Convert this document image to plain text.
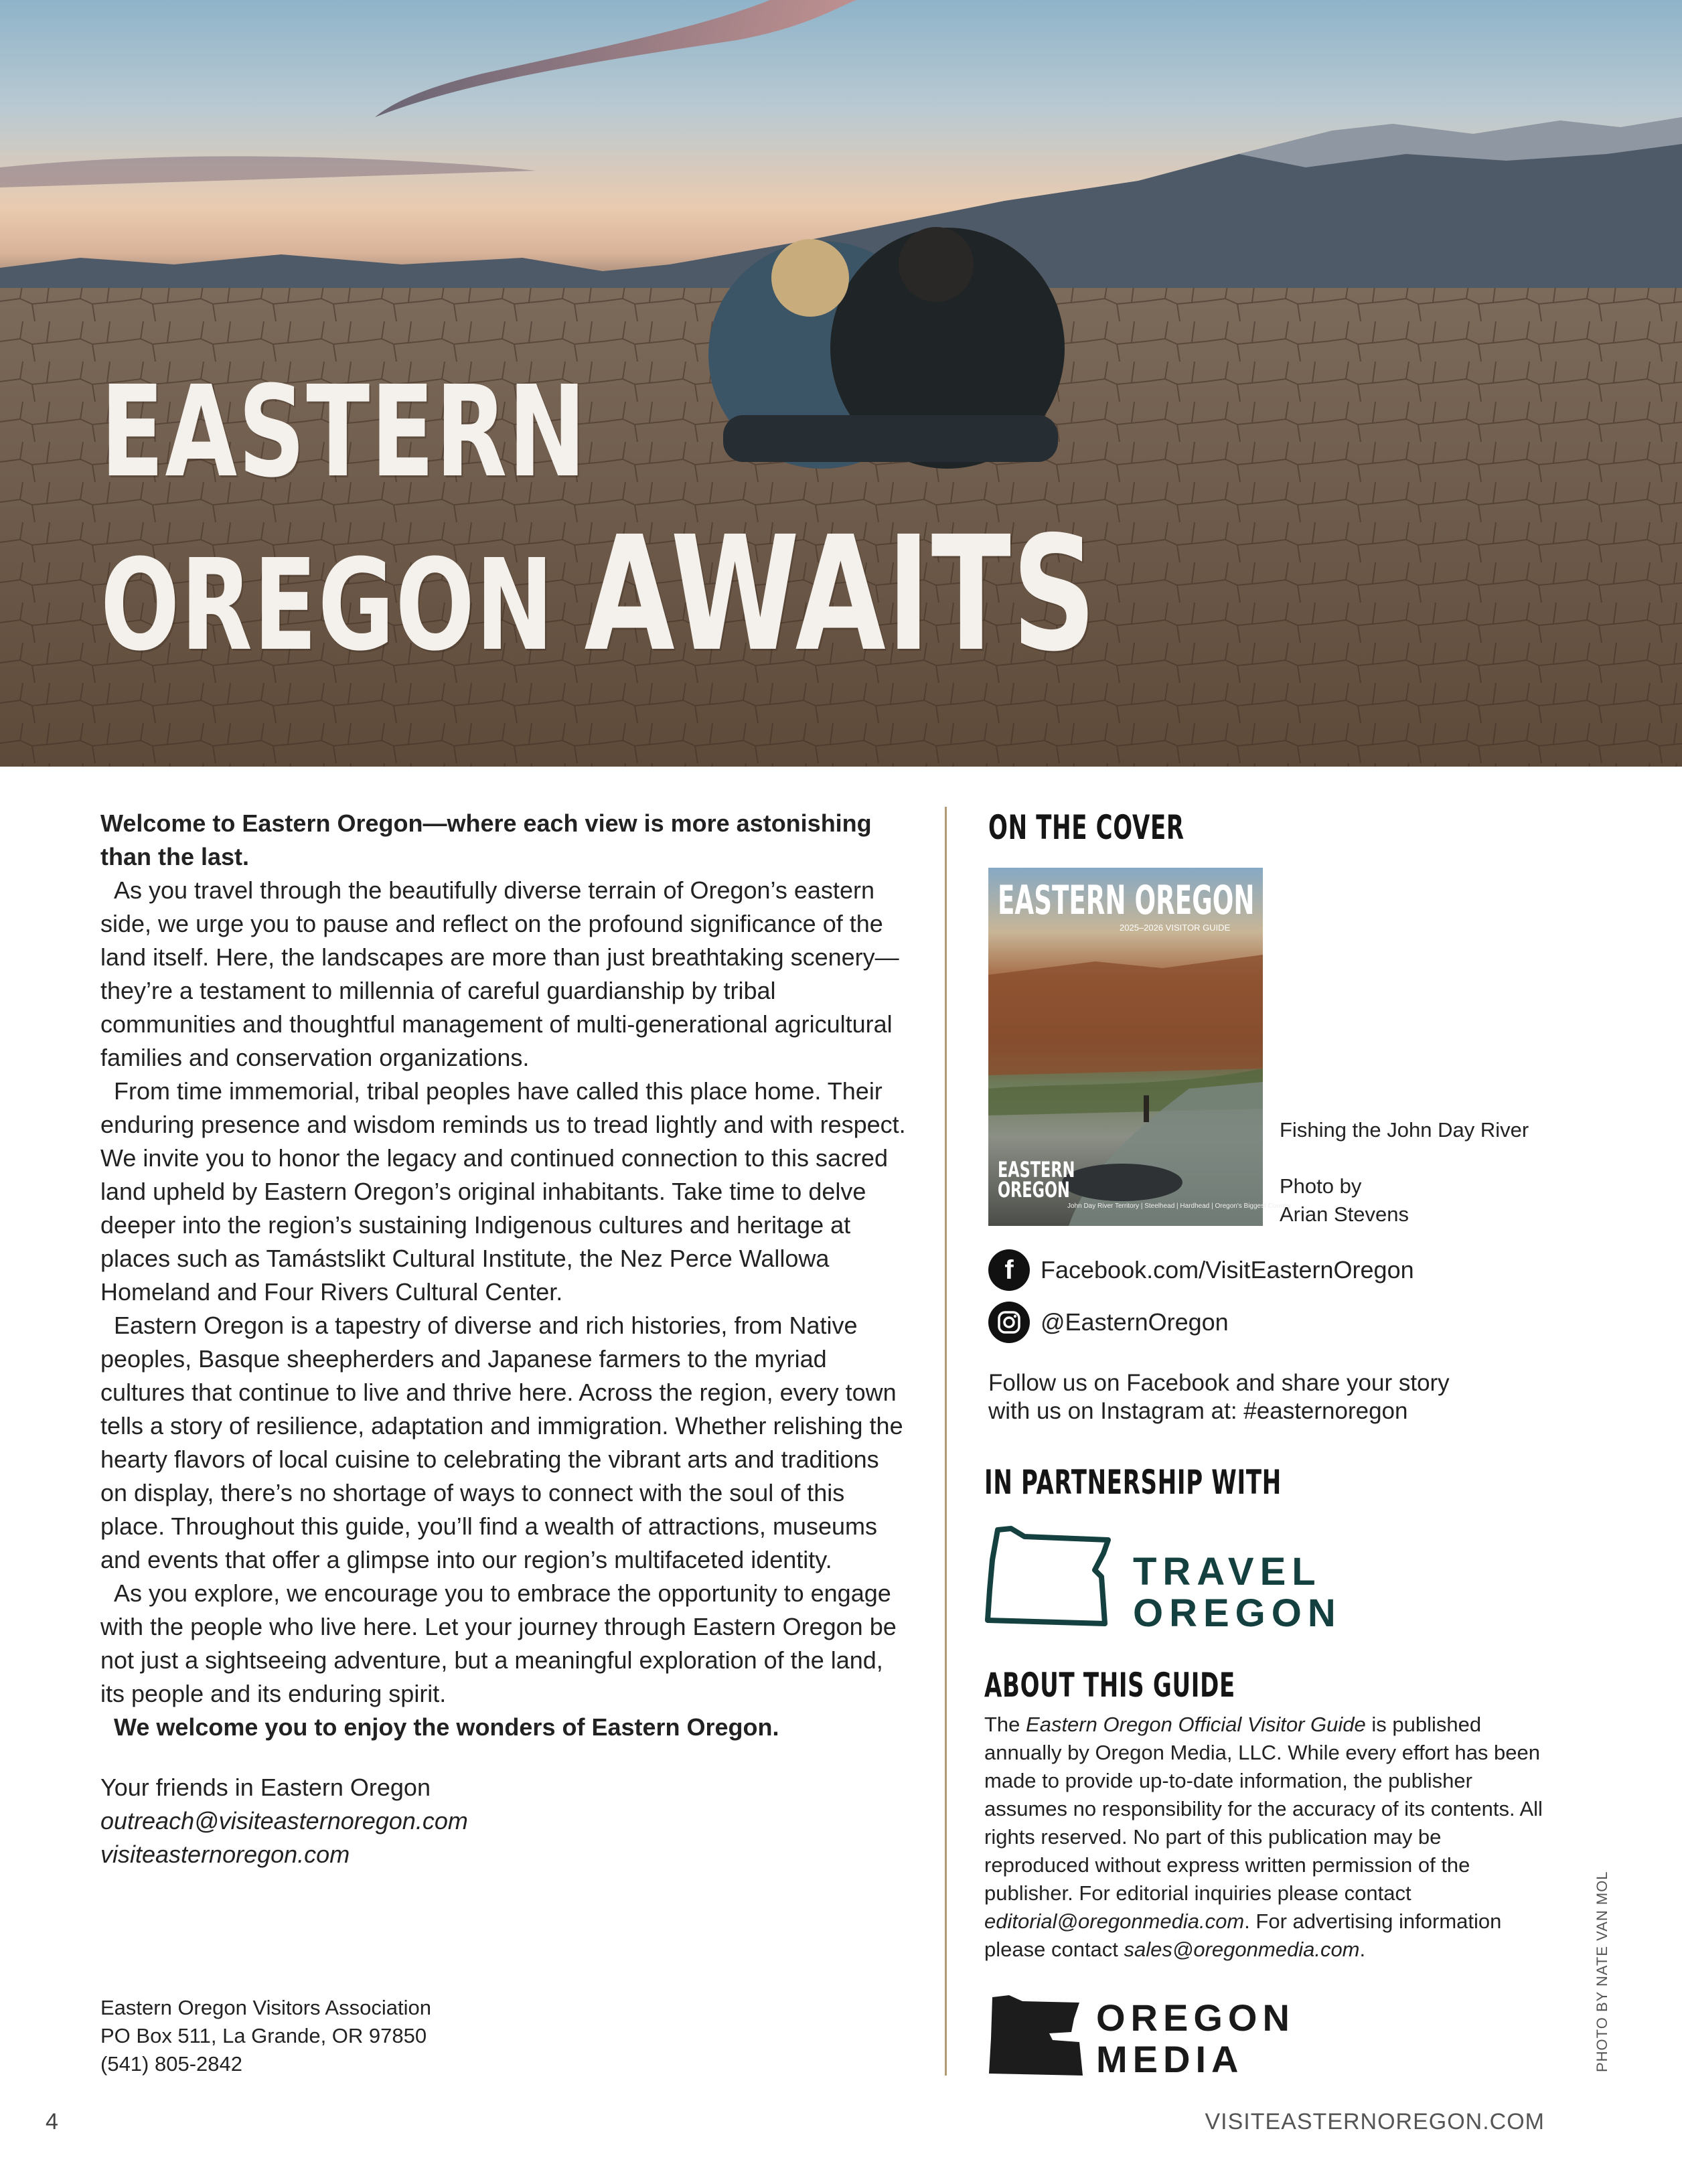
EASTERN
OREGON AWAITS

Welcome to Eastern Oregon—where each view is more astonishing than the last.

As you travel through the beautifully diverse terrain of Oregon’s eastern side, we urge you to pause and reflect on the profound significance of the land itself. Here, the landscapes are more than just breathtaking scenery—they’re a testament to millennia of careful guardianship by tribal communities and thoughtful management of multi-generational agricultural families and conservation organizations.

From time immemorial, tribal peoples have called this place home. Their enduring presence and wisdom reminds us to tread lightly and with respect. We invite you to honor the legacy and continued connection to this sacred land upheld by Eastern Oregon’s original inhabitants. Take time to delve deeper into the region’s sustaining Indigenous cultures and heritage at places such as Tamástslikt Cultural Institute, the Nez Perce Wallowa Homeland and Four Rivers Cultural Center.

Eastern Oregon is a tapestry of diverse and rich histories, from Native peoples, Basque sheepherders and Japanese farmers to the myriad cultures that continue to live and thrive here. Across the region, every town tells a story of resilience, adaptation and immigration. Whether relishing the hearty flavors of local cuisine to celebrating the vibrant arts and traditions on display, there’s no shortage of ways to connect with the soul of this place. Throughout this guide, you’ll find a wealth of attractions, museums and events that offer a glimpse into our region’s multifaceted identity.

As you explore, we encourage you to embrace the opportunity to engage with the people who live here. Let your journey through Eastern Oregon be not just a sightseeing adventure, but a meaningful exploration of the land, its people and its enduring spirit.

We welcome you to enjoy the wonders of Eastern Oregon.

Your friends in Eastern Oregon

outreach@visiteasternoregon.com

visiteasternoregon.com

Eastern Oregon Visitors Association
PO Box 511, La Grande, OR 97850
(541) 805-2842
ON THE COVER
EASTERN OREGON
2025–2026 VISITOR GUIDE
EASTERN
OREGON
John Day River Territory | Steelhead | Hardhead | Oregon's Biggest Country
Fishing the John Day River
Photo by
Arian Stevens
f	Facebook.com/VisitEasternOregon
@EasternOregon
Follow us on Facebook and share your story with us on Instagram at: #easternoregon
IN PARTNERSHIP WITH
TRAVEL
OREGON
ABOUT THIS GUIDE
The Eastern Oregon Official Visitor Guide is published annually by Oregon Media, LLC. While every effort has been made to provide up-to-date information, the publisher assumes no responsibility for the accuracy of its contents. All rights reserved. No part of this publication may be reproduced without express written permission of the publisher. For editorial inquiries please contact editorial@oregonmedia.com. For advertising information please contact sales@oregonmedia.com.
OREGON
MEDIA	PHOTO BY NATE VAN MOL
4	VISITEASTERNOREGON.COM
